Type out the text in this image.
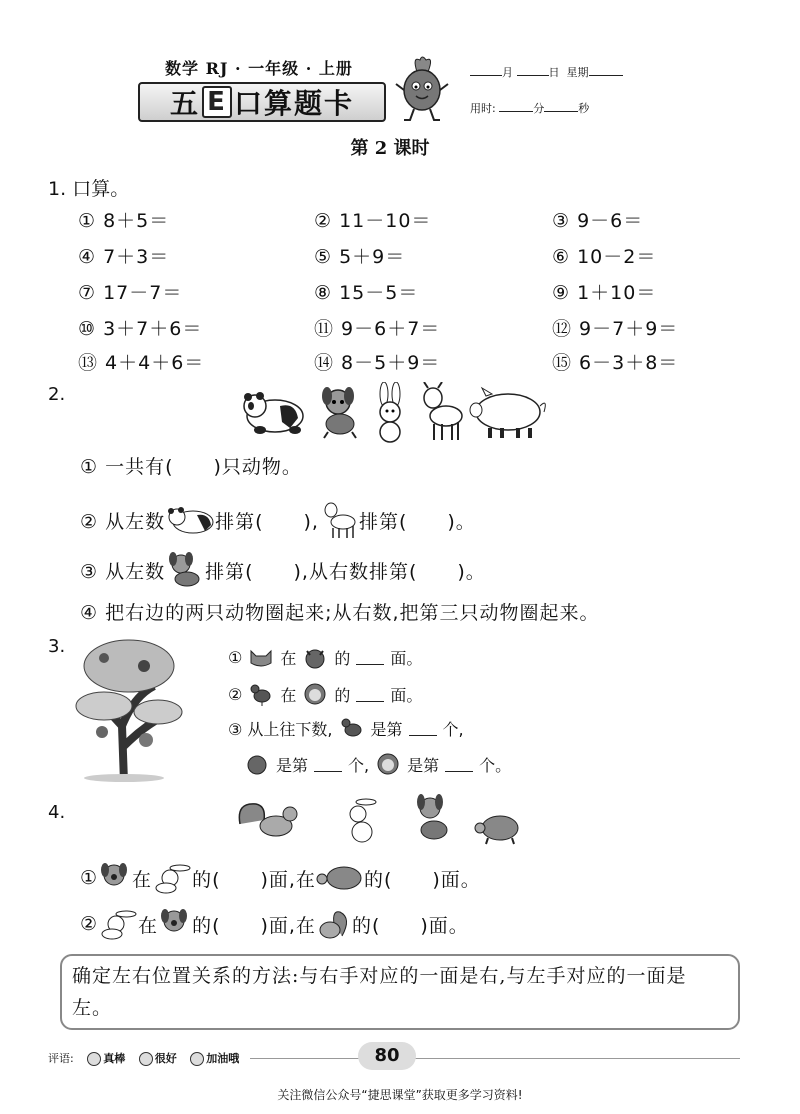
数学 RJ · 一年级 · 上册
五 E 口算题卡
月	日 星期
用时:	分	秒
第 2 课时
1. 口算。
① 8＋5＝	② 11－10＝	③ 9－6＝
④ 7＋3＝	⑤ 5＋9＝	⑥ 10－2＝
⑦ 17－7＝	⑧ 15－5＝	⑨ 1＋10＝
⑩ 3＋7＋6＝	⑪ 9－6＋7＝	⑫ 9－7＋9＝
⑬ 4＋4＋6＝	⑭ 8－5＋9＝	⑮ 6－3＋8＝
2.
① 一共有(　　)只动物。
② 从左数	排第(　　), 排第(　　)。
③ 从左数 排第(　　),从右数排第(　　)。
④ 把右边的两只动物圈起来;从右数,把第三只动物圈起来。
3.
① 在 的	面。
② 在 的	面。
③ 从上往下数, 是第	个,
是第	个, 是第	个。
4.
① 在 的(　　)面,在	的(　　)面。
② 在 的(　　)面,在 的(　　)面。
确定左右位置关系的方法:与右手对应的一面是右,与左手对应的一面是左。
评语:	真棒	很好	加油哦	80
关注微信公众号“捷思课堂”获取更多学习资料!
